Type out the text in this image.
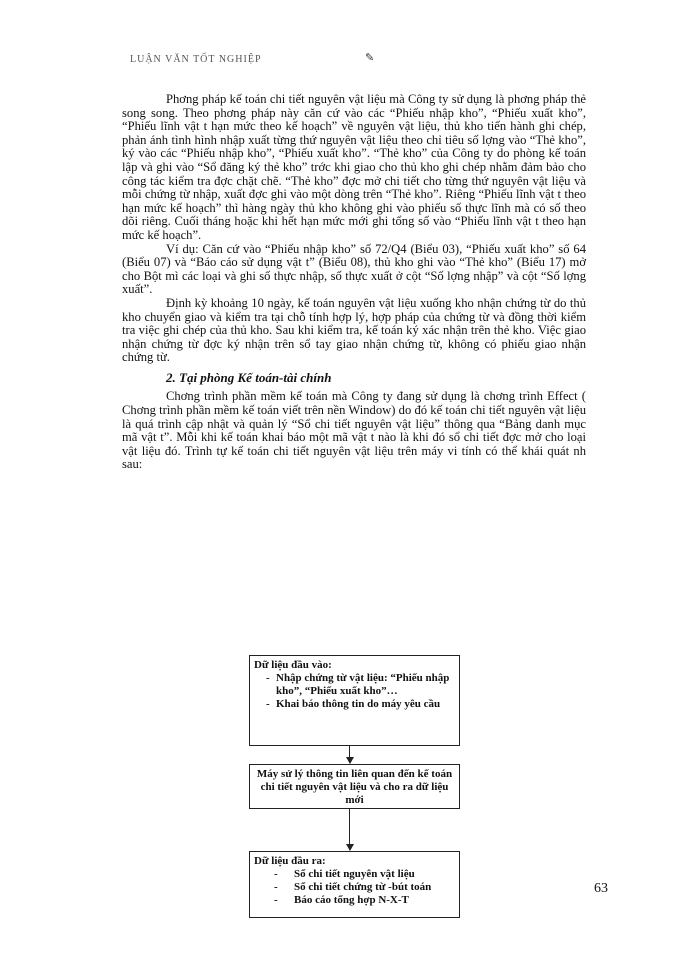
LUẬN VĂN TỐT NGHIỆP	✎

Phơng pháp kế toán chi tiết nguyên vật liệu mà Công ty sử dụng là phơng pháp thẻ song song. Theo phơng pháp này căn cứ vào các “Phiếu nhập kho”, “Phiếu xuất kho”, “Phiếu lĩnh vật t hạn mức theo kế hoạch” về nguyên vật liệu, thủ kho tiến hành ghi chép, phản ánh tình hình nhập xuất từng thứ nguyên vật liệu theo chỉ tiêu số lợng vào “Thẻ kho”, ký vào các “Phiếu nhập kho”, “Phiếu xuất kho”. “Thẻ kho” của Công ty do phòng kế toán lập và ghi vào “Sổ đăng ký thẻ kho” trớc khi giao cho thủ kho ghi chép nhằm đảm bảo cho công tác kiểm tra đợc chặt chẽ. “Thẻ kho” đợc mở chi tiết cho từng thứ nguyên vật liệu và mỗi chứng từ nhập, xuất đợc ghi vào một dòng trên “Thẻ kho”. Riêng “Phiếu lĩnh vật t theo hạn mức kế hoạch” thì hàng ngày thủ kho không ghi vào phiếu số thực lĩnh mà có số theo dõi riêng. Cuối tháng hoặc khi hết hạn mức mới ghi tổng số vào “Phiếu lĩnh vật t theo hạn mức kế hoạch”.

Ví dụ: Căn cứ vào “Phiếu nhập kho” số 72/Q4 (Biểu 03), “Phiếu xuất kho” số 64 (Biểu 07) và “Báo cáo sử dụng vật t” (Biểu 08), thủ kho ghi vào “Thẻ kho” (Biểu 17) mở cho Bột mì các loại và ghi số thực nhập, số thực xuất ở cột “Số lợng nhập” và cột “Số lợng xuất”.

Định kỳ khoảng 10 ngày, kế toán nguyên vật liệu xuống kho nhận chứng từ do thủ kho chuyển giao và kiểm tra tại chỗ tính hợp lý, hợp pháp của chứng từ và đồng thời kiểm tra việc ghi chép của thủ kho. Sau khi kiểm tra, kế toán ký xác nhận trên thẻ kho. Việc giao nhận chứng từ đợc ký nhận trên sổ tay giao nhận chứng từ, không có phiếu giao nhận chứng từ.

2. Tại phòng Kế toán-tài chính

Chơng trình phần mềm kế toán mà Công ty đang sử dụng là chơng trình Effect ( Chơng trình phần mềm kế toán viết trên nền Window) do đó kế toán chi tiết nguyên vật liệu là quá trình cập nhật và quản lý “Sổ chi tiết nguyên vật liệu” thông qua “Bảng danh mục mã vật t”. Mỗi khi kế toán khai báo một mã vật t nào là khi đó sổ chi tiết đợc mở cho loại vật liệu đó. Trình tự kế toán chi tiết nguyên vật liệu trên máy vi tính có thể khái quát nh sau:

Dữ liệu đầu vào:
- Nhập chứng từ vật liệu: “Phiếu nhập kho”, “Phiếu xuất kho”…
- Khai báo thông tin do máy yêu cầu
Máy sử lý thông tin liên quan đến kế toán chi tiết nguyên vật liệu và cho ra dữ liệu mới
Dữ liệu đầu ra:
- Sổ chi tiết nguyên vật liệu
- Sổ chi tiết chứng từ -bút toán
- Báo cáo tổng hợp N-X-T
63
